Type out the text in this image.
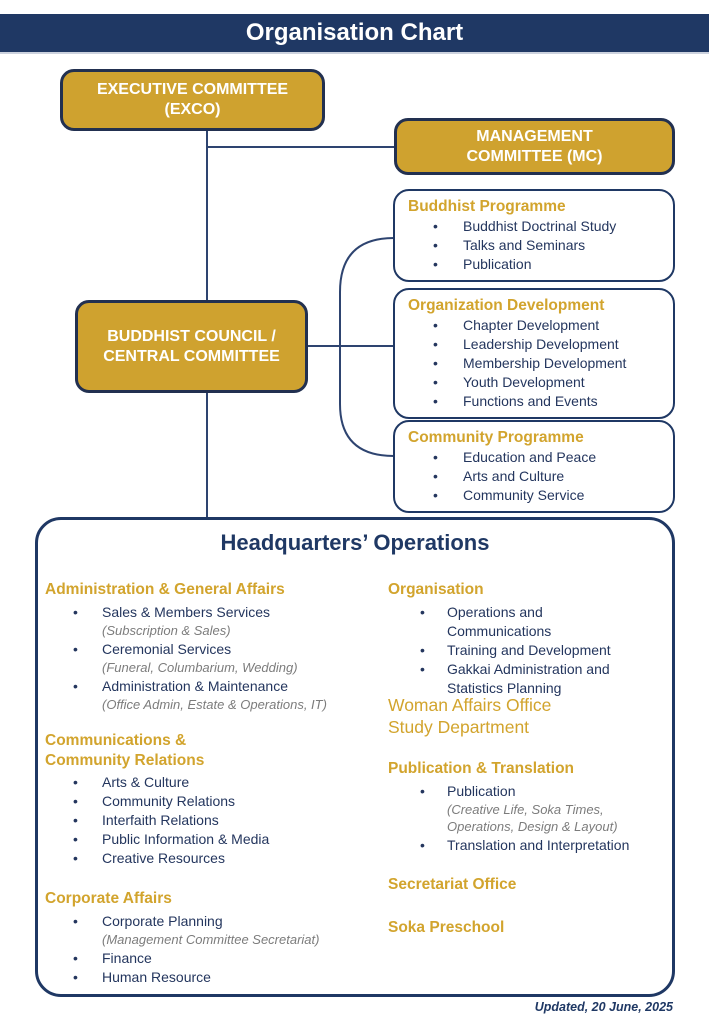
Organisation Chart
EXECUTIVE COMMITTEE (EXCO)
MANAGEMENT COMMITTEE (MC)
BUDDHIST COUNCIL / CENTRAL COMMITTEE
Buddhist Programme
• Buddhist Doctrinal Study
• Talks and Seminars
• Publication
Organization Development
• Chapter Development
• Leadership Development
• Membership Development
• Youth Development
• Functions and Events
Community Programme
• Education and Peace
• Arts and Culture
• Community Service
Headquarters’ Operations
Administration & General Affairs
• Sales & Members Services
(Subscription & Sales)
• Ceremonial Services
(Funeral, Columbarium, Wedding)
• Administration & Maintenance
(Office Admin, Estate & Operations, IT)
Communications & Community Relations
• Arts & Culture
• Community Relations
• Interfaith Relations
• Public Information & Media
• Creative Resources
Corporate Affairs
• Corporate Planning
(Management Committee Secretariat)
• Finance
• Human Resource
Organisation
• Operations and Communications
• Training and Development
• Gakkai Administration and Statistics Planning
Woman Affairs Office
Study Department
Publication & Translation
• Publication
(Creative Life, Soka Times, Operations, Design & Layout)
• Translation and Interpretation
Secretariat Office
Soka Preschool
Updated, 20 June, 2025
